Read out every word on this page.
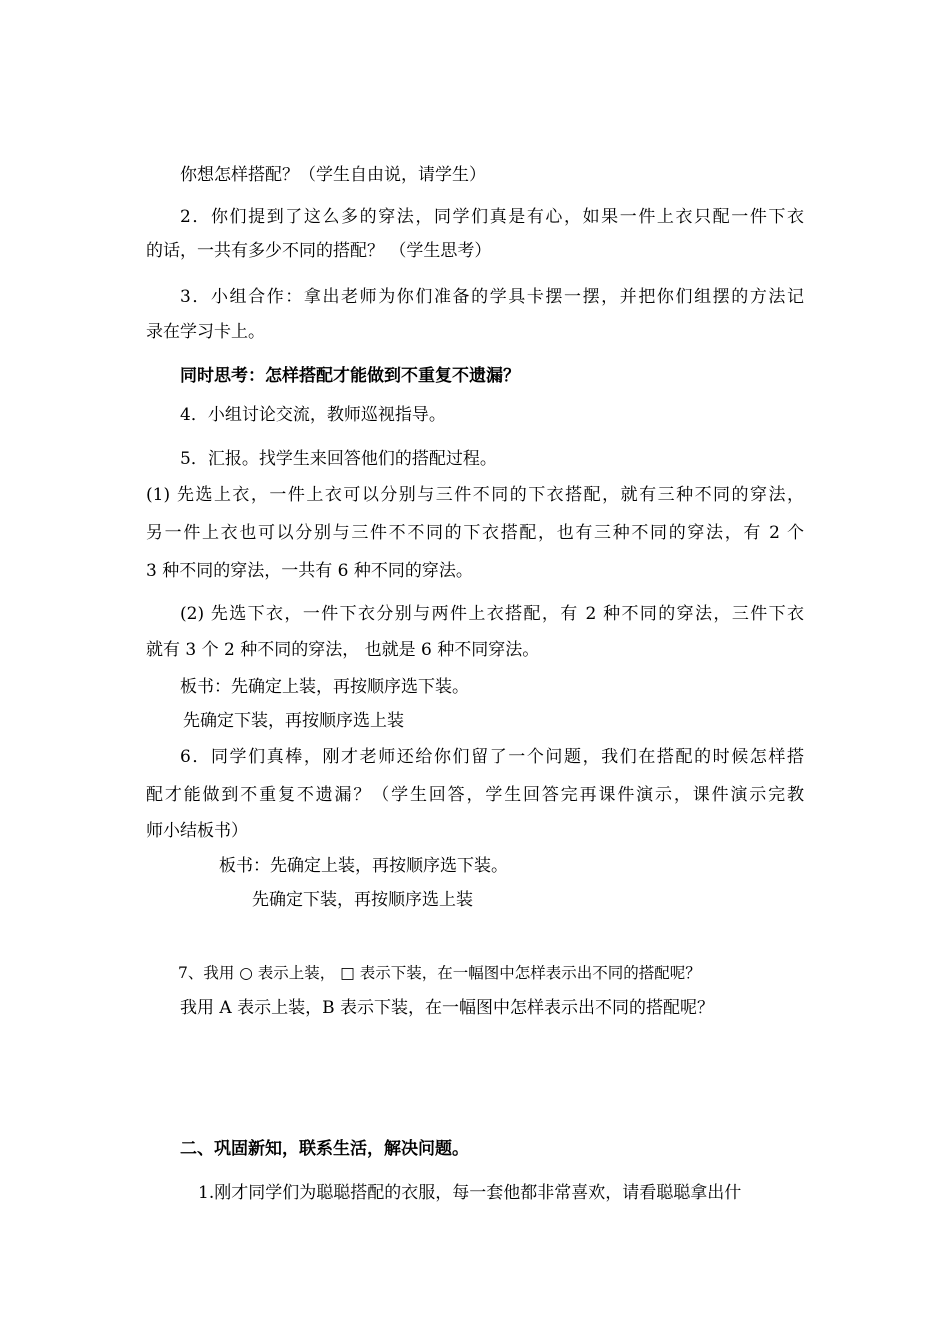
你想怎样搭配？（学生自由说，请学生）
2．你们提到了这么多的穿法，同学们真是有心，如果一件上衣只配一件下衣
的话，一共有多少不同的搭配？ （学生思考）
3．小组合作：拿出老师为你们准备的学具卡摆一摆，并把你们组摆的方法记
录在学习卡上。
同时思考：怎样搭配才能做到不重复不遗漏？
4．小组讨论交流，教师巡视指导。
5．汇报。找学生来回答他们的搭配过程。
(1) 先选上衣，一件上衣可以分别与三件不同的下衣搭配，就有三种不同的穿法，
另一件上衣也可以分别与三件不不同的下衣搭配，也有三种不同的穿法，有 2 个
3 种不同的穿法，一共有 6 种不同的穿法。
(2) 先选下衣，一件下衣分别与两件上衣搭配，有 2 种不同的穿法，三件下衣
就有 3 个 2 种不同的穿法， 也就是 6 种不同穿法。
板书：先确定上装，再按顺序选下装。
先确定下装，再按顺序选上装
6．同学们真棒，刚才老师还给你们留了一个问题，我们在搭配的时候怎样搭
配才能做到不重复不遗漏？（学生回答，学生回答完再课件演示，课件演示完教
师小结板书）
板书：先确定上装，再按顺序选下装。
先确定下装，再按顺序选上装
7、我用 ○ 表示上装， □ 表示下装，在一幅图中怎样表示出不同的搭配呢？
我用 A 表示上装，B 表示下装，在一幅图中怎样表示出不同的搭配呢？
二、巩固新知，联系生活，解决问题。
1.刚才同学们为聪聪搭配的衣服，每一套他都非常喜欢，请看聪聪拿出什
